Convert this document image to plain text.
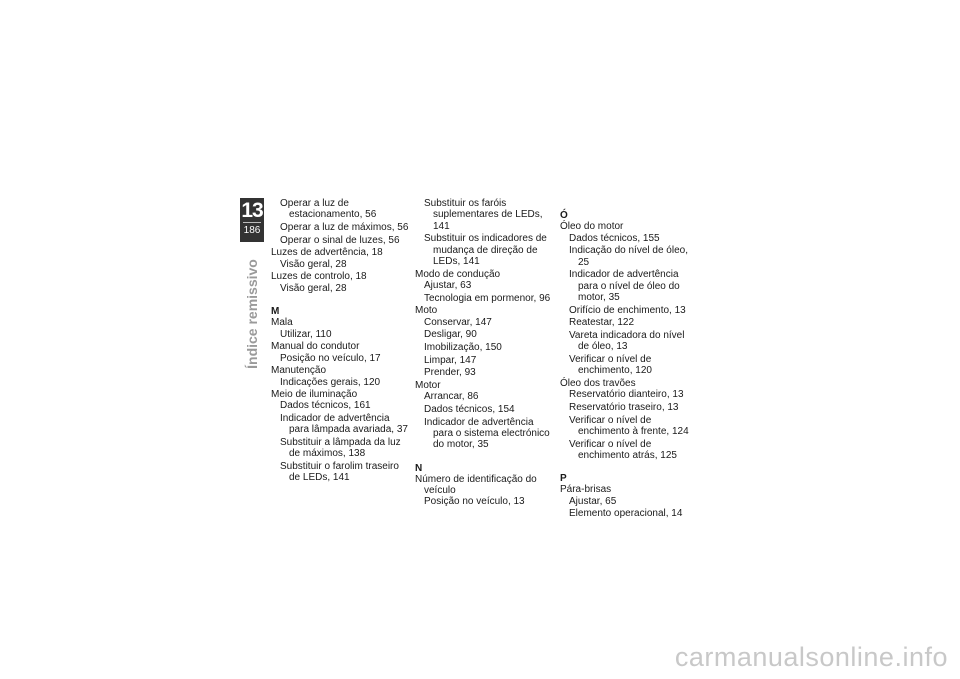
13
186
Índice remissivo
Operar a luz de estacionamento, 56
Operar a luz de máximos, 56
Operar o sinal de luzes, 56
Luzes de advertência, 18
Visão geral, 28
Luzes de controlo, 18
Visão geral, 28
M
Mala
Utilizar, 110
Manual do condutor
Posição no veículo, 17
Manutenção
Indicações gerais, 120
Meio de iluminação
Dados técnicos, 161
Indicador de advertência para lâmpada avariada, 37
Substituir a lâmpada da luz de máximos, 138
Substituir o farolim traseiro de LEDs, 141
Substituir os faróis suplementares de LEDs, 141
Substituir os indicadores de mudança de direção de LEDs, 141
Modo de condução
Ajustar, 63
Tecnologia em pormenor, 96
Moto
Conservar, 147
Desligar, 90
Imobilização, 150
Limpar, 147
Prender, 93
Motor
Arrancar, 86
Dados técnicos, 154
Indicador de advertência para o sistema electrónico do motor, 35
N
Número de identificação do veículo
Posição no veículo, 13
Ó
Óleo do motor
Dados técnicos, 155
Indicação do nível de óleo, 25
Indicador de advertência para o nível de óleo do motor, 35
Orifício de enchimento, 13
Reatestar, 122
Vareta indicadora do nível de óleo, 13
Verificar o nível de enchimento, 120
Óleo dos travões
Reservatório dianteiro, 13
Reservatório traseiro, 13
Verificar o nível de enchimento à frente, 124
Verificar o nível de enchimento atrás, 125
P
Pára-brisas
Ajustar, 65
Elemento operacional, 14
carmanualsonline.info
